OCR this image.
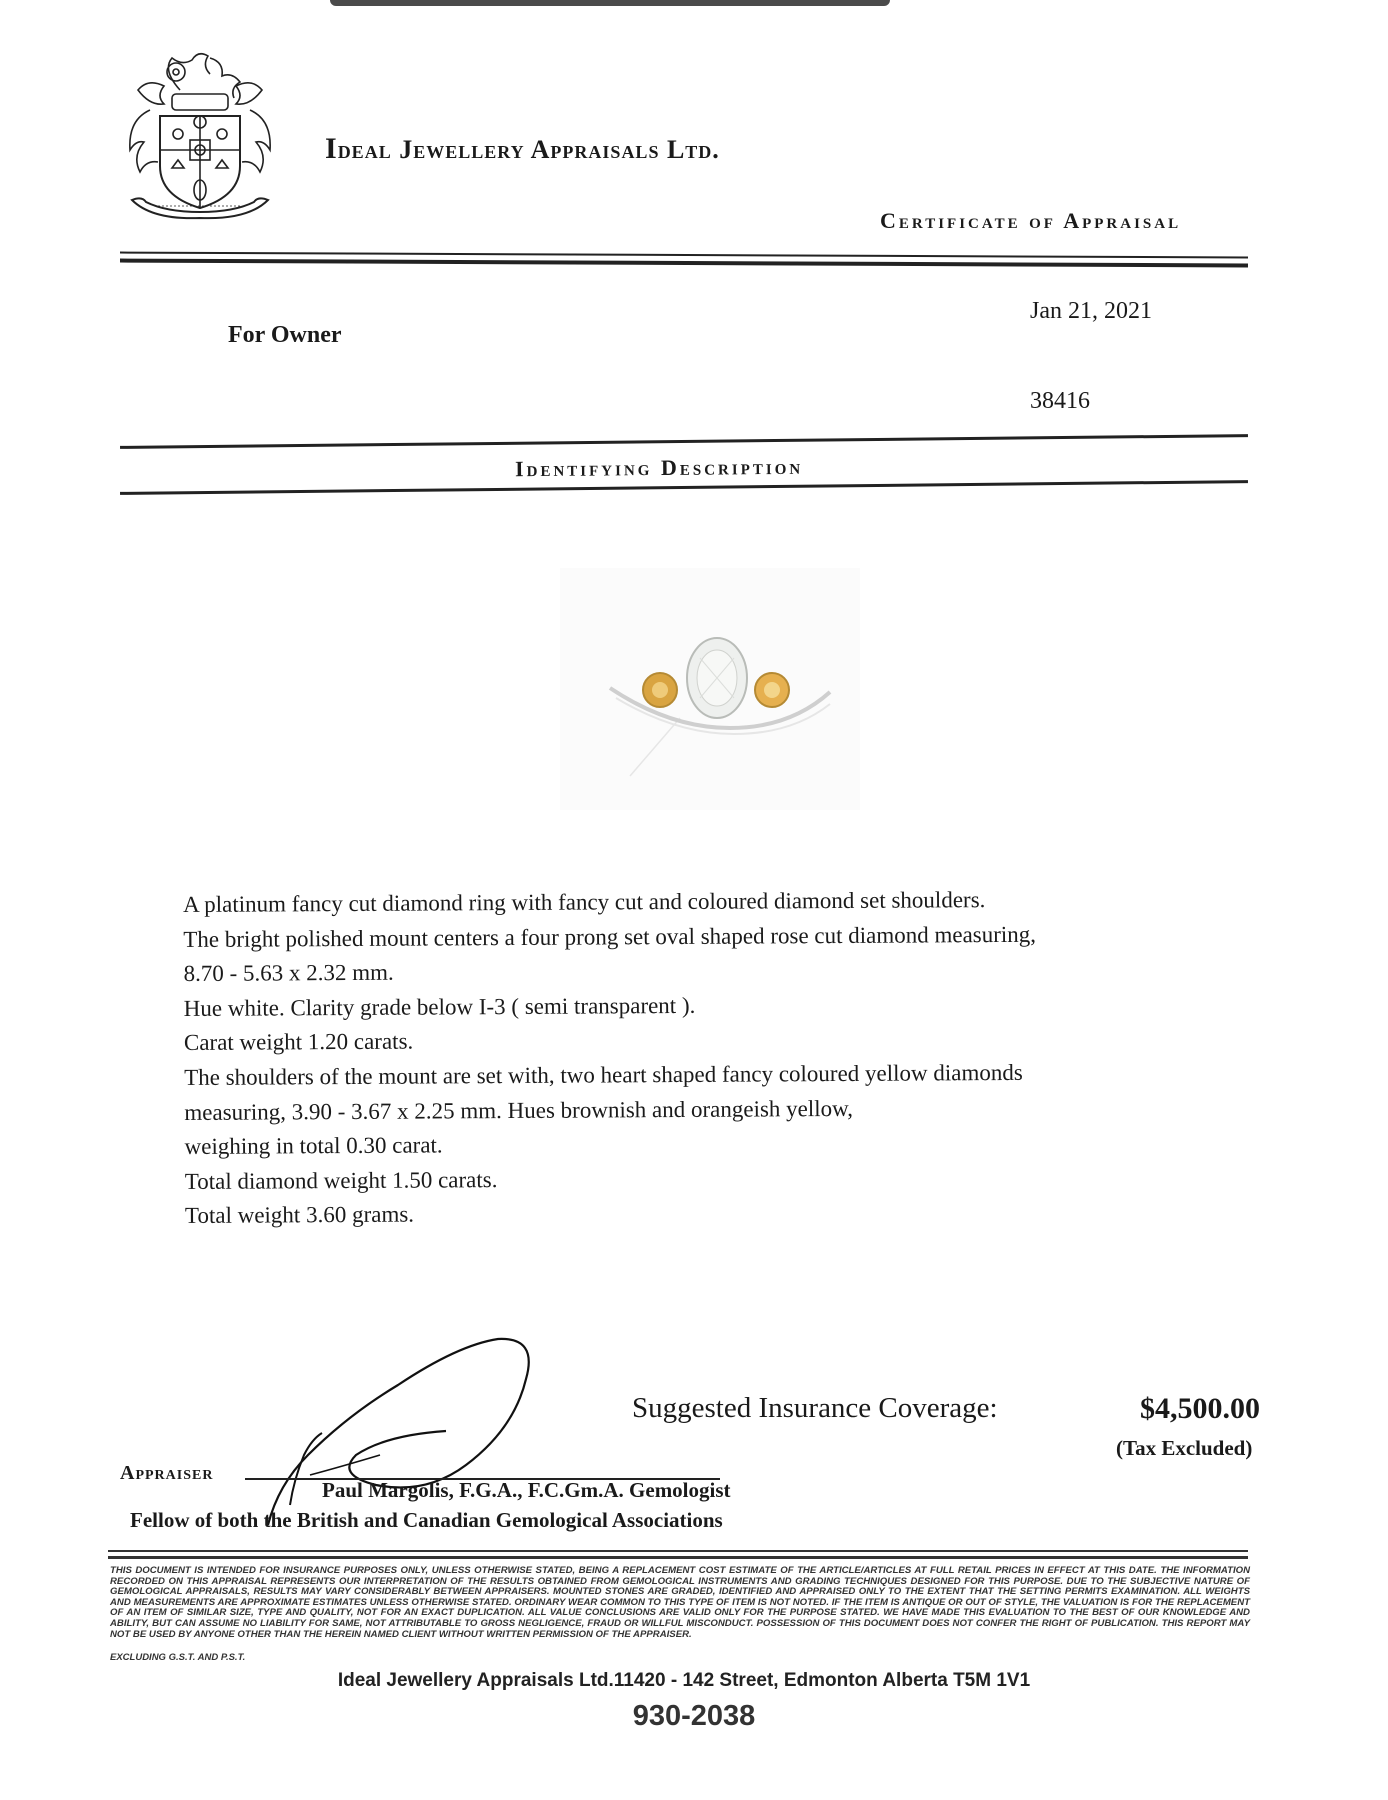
Ideal Jewellery Appraisals Ltd.
Certificate of Appraisal
For Owner
Jan 21, 2021
38416
Identifying Description
A platinum fancy cut diamond ring with fancy cut and coloured diamond set shoulders.
The bright polished mount centers a four prong set oval shaped rose cut diamond measuring,
8.70 - 5.63 x 2.32 mm.
Hue white. Clarity grade below I-3 ( semi transparent ).
Carat weight 1.20 carats.
The shoulders of the mount are set with, two heart shaped fancy coloured yellow diamonds
measuring, 3.90 - 3.67 x 2.25 mm. Hues brownish and orangeish yellow,
weighing in total 0.30 carat.
Total diamond weight 1.50 carats.
Total weight 3.60 grams.
Suggested Insurance Coverage:	$4,500.00
(Tax Excluded)
Appraiser
Paul Margolis, F.G.A., F.C.Gm.A. Gemologist
Fellow of both the British and Canadian Gemological Associations
THIS DOCUMENT IS INTENDED FOR INSURANCE PURPOSES ONLY, UNLESS OTHERWISE STATED, BEING A REPLACEMENT COST ESTIMATE OF THE ARTICLE/ARTICLES AT FULL RETAIL PRICES IN EFFECT AT THIS DATE. THE INFORMATION RECORDED ON THIS APPRAISAL REPRESENTS OUR INTERPRETATION OF THE RESULTS OBTAINED FROM GEMOLOGICAL INSTRUMENTS AND GRADING TECHNIQUES DESIGNED FOR THIS PURPOSE. DUE TO THE SUBJECTIVE NATURE OF GEMOLOGICAL APPRAISALS, RESULTS MAY VARY CONSIDERABLY BETWEEN APPRAISERS. MOUNTED STONES ARE GRADED, IDENTIFIED AND APPRAISED ONLY TO THE EXTENT THAT THE SETTING PERMITS EXAMINATION. ALL WEIGHTS AND MEASUREMENTS ARE APPROXIMATE ESTIMATES UNLESS OTHERWISE STATED. ORDINARY WEAR COMMON TO THIS TYPE OF ITEM IS NOT NOTED. IF THE ITEM IS ANTIQUE OR OUT OF STYLE, THE VALUATION IS FOR THE REPLACEMENT OF AN ITEM OF SIMILAR SIZE, TYPE AND QUALITY, NOT FOR AN EXACT DUPLICATION. ALL VALUE CONCLUSIONS ARE VALID ONLY FOR THE PURPOSE STATED. WE HAVE MADE THIS EVALUATION TO THE BEST OF OUR KNOWLEDGE AND ABILITY, BUT CAN ASSUME NO LIABILITY FOR SAME, NOT ATTRIBUTABLE TO GROSS NEGLIGENCE, FRAUD OR WILLFUL MISCONDUCT. POSSESSION OF THIS DOCUMENT DOES NOT CONFER THE RIGHT OF PUBLICATION. THIS REPORT MAY NOT BE USED BY ANYONE OTHER THAN THE HEREIN NAMED CLIENT WITHOUT WRITTEN PERMISSION OF THE APPRAISER.
EXCLUDING G.S.T. AND P.S.T.
Ideal Jewellery Appraisals Ltd.11420 - 142 Street, Edmonton Alberta T5M 1V1
930-2038
